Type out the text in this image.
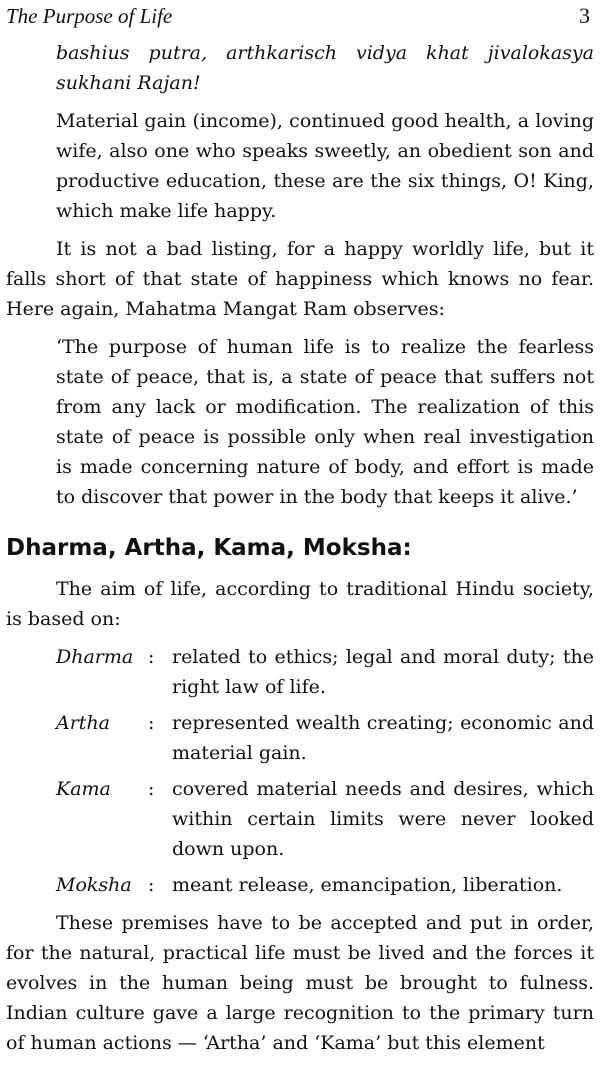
The Purpose of Life	3

bashius putra, arthkarisch vidya khat jivalokasya sukhani Rajan!

Material gain (income), continued good health, a loving wife, also one who speaks sweetly, an obedient son and productive education, these are the six things, O! King, which make life happy.

It is not a bad listing, for a happy worldly life, but it falls short of that state of happiness which knows no fear. Here again, Mahatma Mangat Ram observes:

‘The purpose of human life is to realize the fearless state of peace, that is, a state of peace that suffers not from any lack or modification. The realization of this state of peace is possible only when real investigation is made concerning nature of body, and effort is made to discover that power in the body that keeps it alive.’

Dharma, Artha, Kama, Moksha:

The aim of life, according to traditional Hindu society, is based on:

Dharma : related to ethics; legal and moral duty; the right law of life.
Artha	: represented wealth creating; economic and material gain.
Kama	: covered material needs and desires, which within certain limits were never looked down upon.
Moksha : meant release, emancipation, liberation.

These premises have to be accepted and put in order, for the natural, practical life must be lived and the forces it evolves in the human being must be brought to fulness. Indian culture gave a large recognition to the primary turn of human actions — ‘Artha’ and ‘Kama’ but this element
